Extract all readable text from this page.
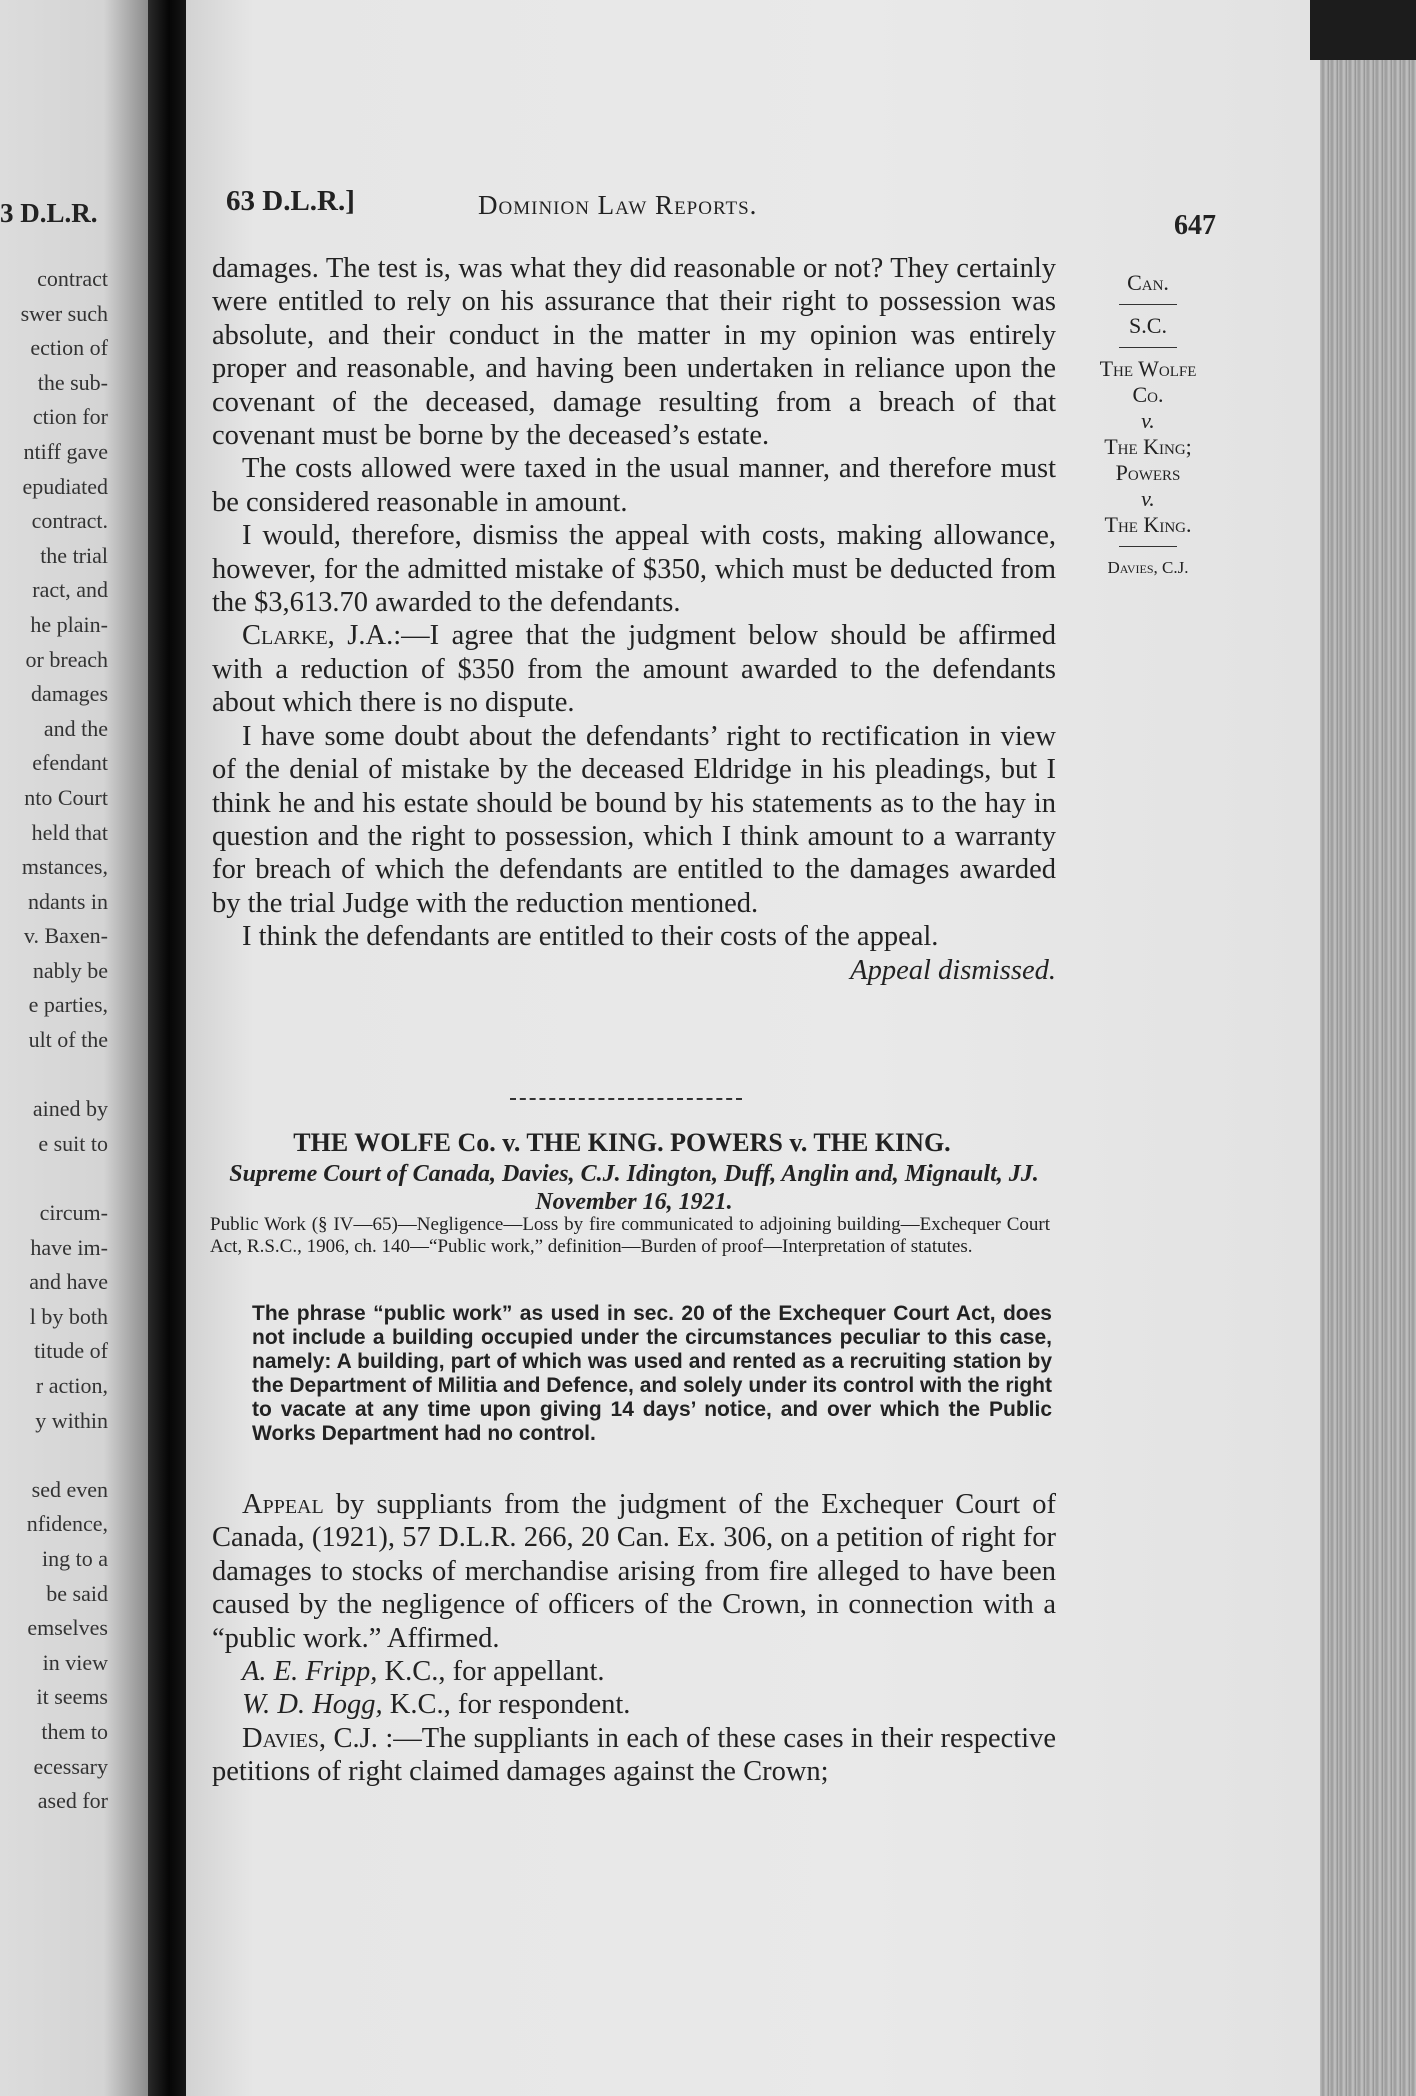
3 D.L.R.
contract
swer such
ection of
the sub-
ction for
ntiff gave
epudiated
contract.
the trial
ract, and
he plain-
or breach
damages
and the
efendant
nto Court
held that
mstances,
ndants in
v. Baxen-
nably be
e parties,
ult of the

ained by
e suit to

circum-
have im-
and have
l by both
titude of
r action,
y within

sed even
nfidence,
ing to a
be said
emselves
in view
it seems
them to
ecessary
ased for
63 D.L.R.]	Dominion Law Reports.
647
Can.
S.C.
The Wolfe
Co.
v.
The King;
Powers
v.
The King.
Davies, C.J.

damages. The test is, was what they did reasonable or not? They certainly were entitled to rely on his assurance that their right to possession was absolute, and their conduct in the matter in my opinion was entirely proper and reasonable, and having been undertaken in reliance upon the covenant of the deceased, damage resulting from a breach of that covenant must be borne by the deceased’s estate.

The costs allowed were taxed in the usual manner, and therefore must be considered reasonable in amount.

I would, therefore, dismiss the appeal with costs, making allowance, however, for the admitted mistake of $350, which must be deducted from the $3,613.70 awarded to the defendants.

Clarke, J.A.:—I agree that the judgment below should be affirmed with a reduction of $350 from the amount awarded to the defendants about which there is no dispute.

I have some doubt about the defendants’ right to rectification in view of the denial of mistake by the deceased Eldridge in his pleadings, but I think he and his estate should be bound by his statements as to the hay in question and the right to possession, which I think amount to a warranty for breach of which the defendants are entitled to the damages awarded by the trial Judge with the reduction mentioned.

I think the defendants are entitled to their costs of the appeal.

Appeal dismissed.

THE WOLFE Co. v. THE KING. POWERS v. THE KING.
Supreme Court of Canada, Davies, C.J. Idington, Duff, Anglin and, Mignault, JJ. November 16, 1921.
Public Work (§ IV—65)—Negligence—Loss by fire communicated to adjoining building—Exchequer Court Act, R.S.C., 1906, ch. 140—“Public work,” definition—Burden of proof—Interpretation of statutes.
The phrase “public work” as used in sec. 20 of the Exchequer Court Act, does not include a building occupied under the circumstances peculiar to this case, namely: A building, part of which was used and rented as a recruiting station by the Department of Militia and Defence, and solely under its control with the right to vacate at any time upon giving 14 days’ notice, and over which the Public Works Department had no control.

Appeal by suppliants from the judgment of the Exchequer Court of Canada, (1921), 57 D.L.R. 266, 20 Can. Ex. 306, on a petition of right for damages to stocks of merchandise arising from fire alleged to have been caused by the negligence of officers of the Crown, in connection with a “public work.” Affirmed.

A. E. Fripp, K.C., for appellant.

W. D. Hogg, K.C., for respondent.

Davies, C.J. :—The suppliants in each of these cases in their respective petitions of right claimed damages against the Crown;
